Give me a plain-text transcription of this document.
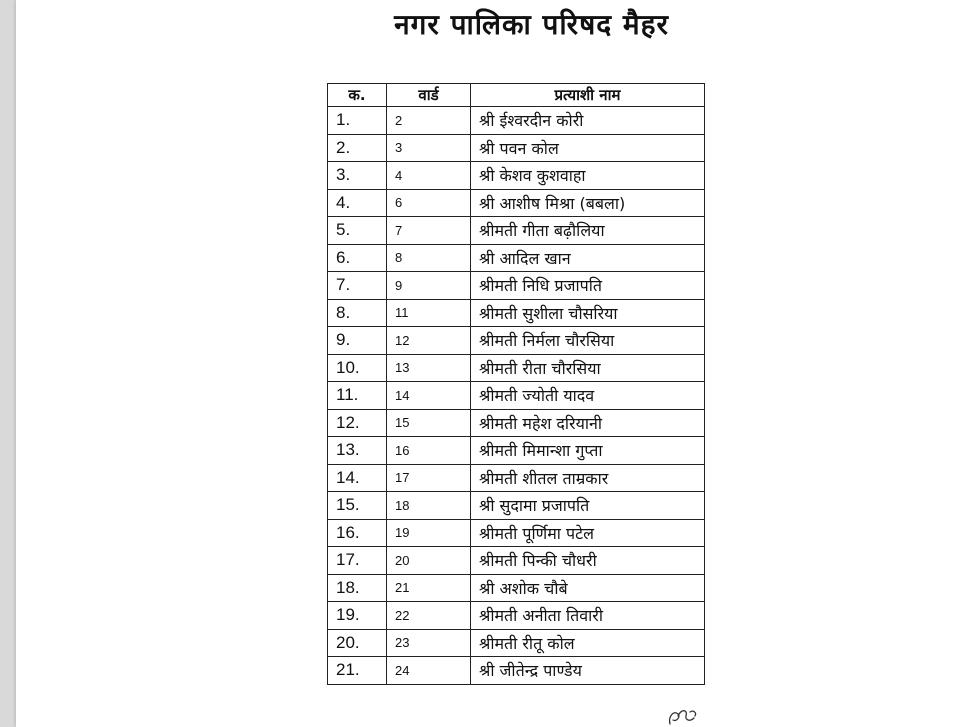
नगर पालिका परिषद मैहर
क.	वार्ड	प्रत्याशी नाम
1.	2	श्री ईश्वरदीन कोरी
2.	3	श्री पवन कोल
3.	4	श्री केशव कुशवाहा
4.	6	श्री आशीष मिश्रा (बबला)
5.	7	श्रीमती गीता बढ़ौलिया
6.	8	श्री आदिल खान
7.	9	श्रीमती निधि प्रजापति
8.	11	श्रीमती सुशीला चौसरिया
9.	12	श्रीमती निर्मला चौरसिया
10.	13	श्रीमती रीता चौरसिया
11.	14	श्रीमती ज्योती यादव
12.	15	श्रीमती महेश दरियानी
13.	16	श्रीमती मिमान्शा गुप्ता
14.	17	श्रीमती शीतल ताम्रकार
15.	18	श्री सुदामा प्रजापति
16.	19	श्रीमती पूर्णिमा पटेल
17.	20	श्रीमती पिन्की चौधरी
18.	21	श्री अशोक चौबे
19.	22	श्रीमती अनीता तिवारी
20.	23	श्रीमती रीतू कोल
21.	24	श्री जीतेन्द्र पाण्डेय
